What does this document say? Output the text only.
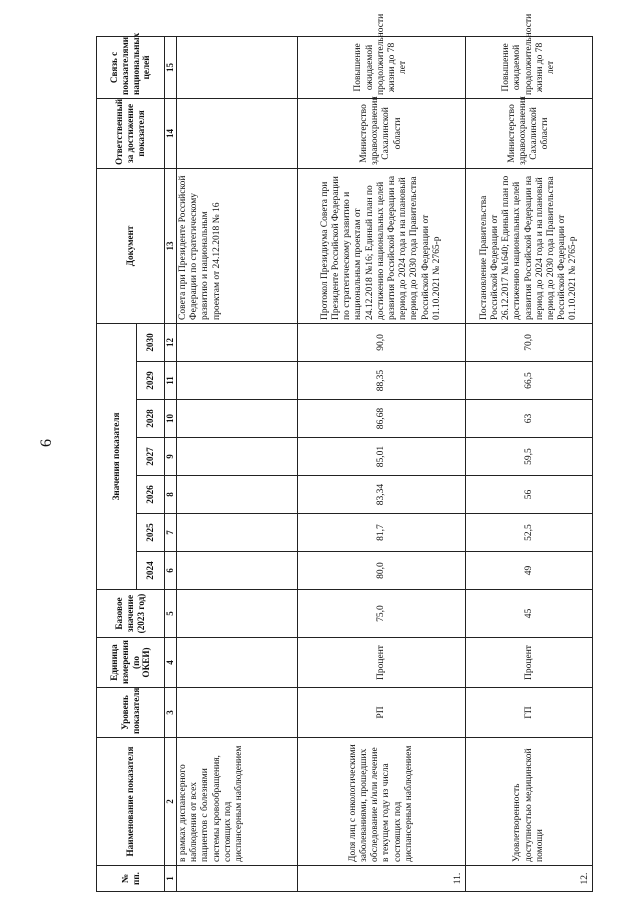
6
№ пп.	Наименование показателя	Уровень показателя	Единица измерения (по ОКЕИ)	Базовое значение (2023 год)	Значения показателя							Документ	Ответственный за достижение показателя	Связь с показателями национальных целей
					2024	2025	2026	2027	2028	2029	2030			
1	2	3	4	5	6	7	8	9	10	11	12	13	14	15
	в рамках диспансерного наблюдения от всех пациентов с болезнями системы кровообращения, состоящих под диспансерным наблюдением											Совета при Президенте Российской Федерации по стратегическому развитию и национальным проектам от 24.12.2018 № 16		
11.	Доля лиц с онкологическими заболеваниями, прошедших обследование и/или лечение в текущем году из числа состоящих под диспансерным наблюдением	РП	Процент	75,0	80,0	81,7	83,34	85,01	86,68	88,35	90,0	Протокол Президиума Совета при Президенте Российской Федерации по стратегическому развитию и национальным проектам от 24.12.2018 №16; Единый план по достижению национальных целей развития Российской Федерации на период до 2024 года и на плановый период до 2030 года Правительства Российской Федерации от 01.10.2021 № 2765-р	Министерство здравоохранения Сахалинской области	Повышение ожидаемой продолжительности жизни до 78 лет
12.	Удовлетворенность доступностью медицинской помощи	ГП	Процент	45	49	52,5	56	59,5	63	66,5	70,0	Постановление Правительства Российской Федерации от 26.12.2017 №1640; Единый план по достижению национальных целей развития Российской Федерации на период до 2024 года и на плановый период до 2030 года Правительства Российской Федерации от 01.10.2021 № 2765-р	Министерство здравоохранения Сахалинской области	Повышение ожидаемой продолжительности жизни до 78 лет
